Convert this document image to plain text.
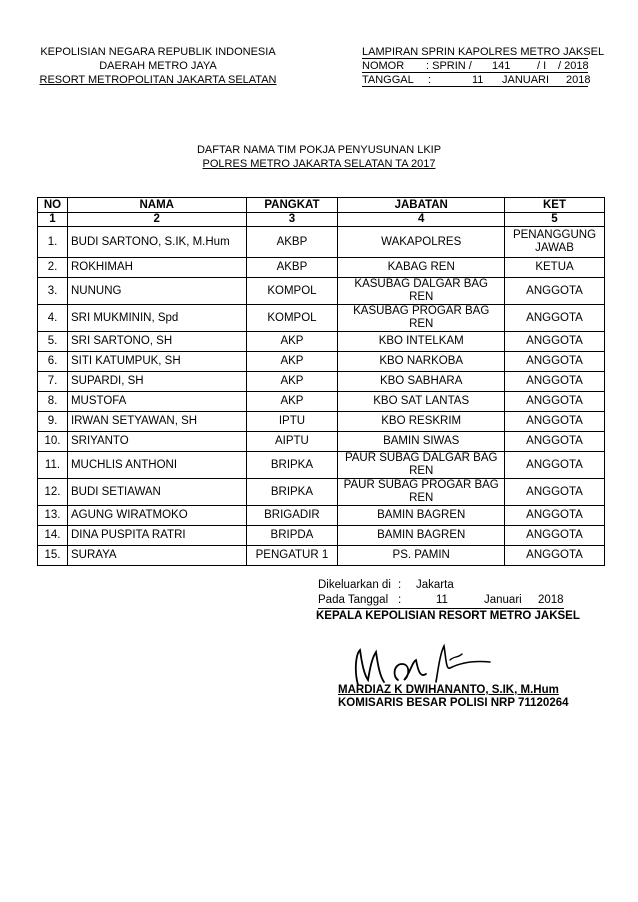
KEPOLISIAN NEGARA REPUBLIK INDONESIA
DAERAH METRO JAYA
RESORT METROPOLITAN JAKARTA SELATAN
LAMPIRAN SPRIN KAPOLRES METRO JAKSEL
NOMOR : SPRIN / 141 / I / 2018
TANGGAL :	11 JANUARI 2018
DAFTAR NAMA TIM POKJA PENYUSUNAN LKIP
POLRES METRO JAKARTA SELATAN TA 2017
NO	NAMA	PANGKAT	JABATAN	KET
1	2	3	4	5
1.	BUDI SARTONO, S.IK, M.Hum	AKBP	WAKAPOLRES	PENANGGUNG JAWAB
2.	ROKHIMAH	AKBP	KABAG REN	KETUA
3.	NUNUNG	KOMPOL	KASUBAG DALGAR BAG REN	ANGGOTA
4.	SRI MUKMININ, Spd	KOMPOL	KASUBAG PROGAR BAG REN	ANGGOTA
5.	SRI SARTONO, SH	AKP	KBO INTELKAM	ANGGOTA
6.	SITI KATUMPUK, SH	AKP	KBO NARKOBA	ANGGOTA
7.	SUPARDI, SH	AKP	KBO SABHARA	ANGGOTA
8.	MUSTOFA	AKP	KBO SAT LANTAS	ANGGOTA
9.	IRWAN SETYAWAN, SH	IPTU	KBO RESKRIM	ANGGOTA
10.	SRIYANTO	AIPTU	BAMIN SIWAS	ANGGOTA
11.	MUCHLIS ANTHONI	BRIPKA	PAUR SUBAG DALGAR BAG REN	ANGGOTA
12.	BUDI SETIAWAN	BRIPKA	PAUR SUBAG PROGAR BAG REN	ANGGOTA
13.	AGUNG WIRATMOKO	BRIGADIR	BAMIN BAGREN	ANGGOTA
14.	DINA PUSPITA RATRI	BRIPDA	BAMIN BAGREN	ANGGOTA
15.	SURAYA	PENGATUR 1	PS. PAMIN	ANGGOTA
Dikeluarkan di : Jakarta
Pada Tanggal :	11	Januari 2018
KEPALA KEPOLISIAN RESORT METRO JAKSEL
MARDIAZ K DWIHANANTO, S.IK, M.Hum
KOMISARIS BESAR POLISI NRP 71120264
